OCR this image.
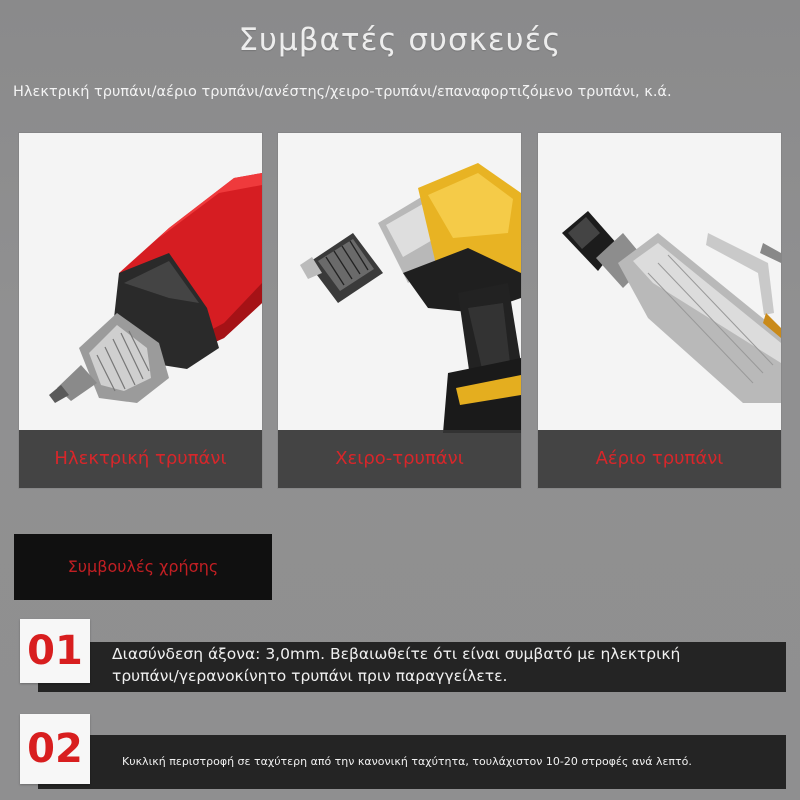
Συμβατές συσκευές
Ηλεκτρική τρυπάνι/αέριο τρυπάνι/ανέστης/χειρο-τρυπάνι/επαναφορτιζόμενο τρυπάνι, κ.ά.
Ηλεκτρική τρυπάνι	Χειρο-τρυπάνι	Αέριο τρυπάνι
Συμβουλές χρήσης
01	Διασύνδεση άξονα: 3,0mm. Βεβαιωθείτε ότι είναι συμβατό με ηλεκτρική
τρυπάνι/γερανοκίνητο τρυπάνι πριν παραγγείλετε.
02	Κυκλική περιστροφή σε ταχύτερη από την κανονική ταχύτητα, τουλάχιστον 10-20 στροφές ανά λεπτό.
